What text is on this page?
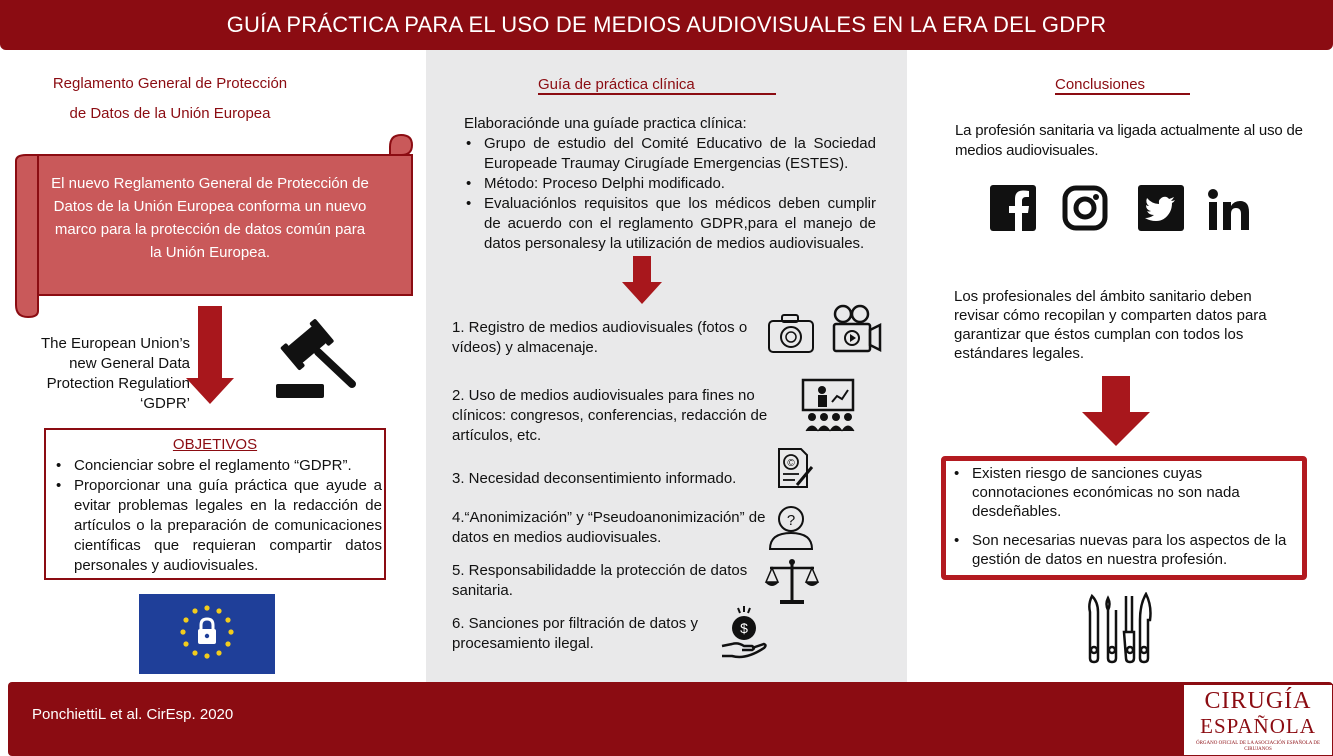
GUÍA PRÁCTICA PARA EL USO DE MEDIOS AUDIOVISUALES EN LA ERA DEL GDPR
Reglamento General de Protección
de Datos de la Unión Europea
El nuevo Reglamento General de Protección de Datos de la Unión Europea conforma un nuevo marco para la protección de datos común para la Unión Europea.
The European Union’s new General Data Protection Regulation ‘GDPR’
OBJETIVOS
• Concienciar sobre el reglamento “GDPR”.
• Proporcionar una guía práctica que ayude a evitar problemas legales en la redacción de artículos o la preparación de comunicaciones científicas que requieran compartir datos personales y audiovisuales.
Guía de práctica clínica
Elaboraciónde una guíade practica clínica:
• Grupo de estudio del Comité Educativo de la Sociedad Europeade Traumay Cirugíade Emergencias (ESTES).
• Método: Proceso Delphi modificado.
• Evaluaciónlos requisitos que los médicos deben cumplir de acuerdo con el reglamento GDPR,para el manejo de datos personalesy la utilización de medios audiovisuales.
1. Registro de medios audiovisuales (fotos o vídeos) y almacenaje.
2. Uso de medios audiovisuales para fines no clínicos: congresos, conferencias, redacción de artículos, etc.
3. Necesidad deconsentimiento informado.
4.“Anonimización” y “Pseudoanonimización” de datos en medios audiovisuales.
5. Responsabilidadde la protección de datos sanitaria.
6. Sanciones por filtración de datos y procesamiento ilegal.
©
?
$
Conclusiones
La profesión sanitaria va ligada actualmente al uso de medios audiovisuales.
Los profesionales del ámbito sanitario deben revisar cómo recopilan y comparten datos para garantizar que éstos cumplan con todos los estándares legales.
• Existen riesgo de sanciones cuyas connotaciones económicas no son nada desdeñables.
• Son necesarias nuevas para los aspectos de la gestión de datos en nuestra profesión.
PonchiettiL et al. CirEsp. 2020
CIRUGÍA
ESPAÑOLA
ÓRGANO OFICIAL DE LA ASOCIACIÓN ESPAÑOLA DE CIRUJANOS
